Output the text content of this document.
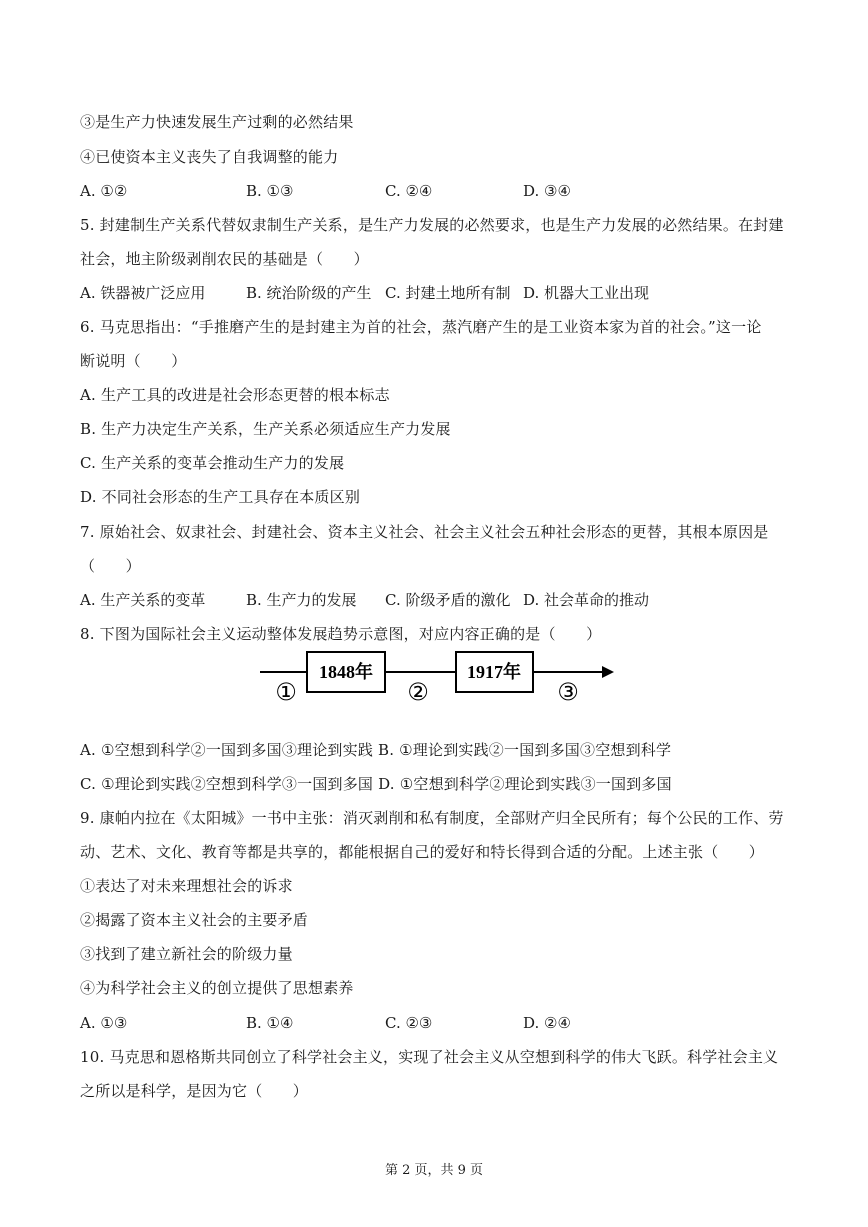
③是生产力快速发展生产过剩的必然结果
④已使资本主义丧失了自我调整的能力
A. ①②	B. ①③	C. ②④	D. ③④
5. 封建制生产关系代替奴隶制生产关系，是生产力发展的必然要求，也是生产力发展的必然结果。在封建
社会，地主阶级剥削农民的基础是（　　）
A. 铁器被广泛应用	B. 统治阶级的产生 C. 封建土地所有制 D. 机器大工业出现
6. 马克思指出：“手推磨产生的是封建主为首的社会，蒸汽磨产生的是工业资本家为首的社会。”这一论
断说明（　　）
A. 生产工具的改进是社会形态更替的根本标志
B. 生产力决定生产关系，生产关系必须适应生产力发展
C. 生产关系的变革会推动生产力的发展
D. 不同社会形态的生产工具存在本质区别
7. 原始社会、奴隶社会、封建社会、资本主义社会、社会主义社会五种社会形态的更替，其根本原因是
（　　）
A. 生产关系的变革	B. 生产力的发展 C. 阶级矛盾的激化 D. 社会革命的推动
8. 下图为国际社会主义运动整体发展趋势示意图，对应内容正确的是（　　）
1848年	1917年
①	②	③
A. ①空想到科学②一国到多国③理论到实践 B. ①理论到实践②一国到多国③空想到科学
C. ①理论到实践②空想到科学③一国到多国 D. ①空想到科学②理论到实践③一国到多国
9. 康帕内拉在《太阳城》一书中主张：消灭剥削和私有制度，全部财产归全民所有；每个公民的工作、劳
动、艺术、文化、教育等都是共享的，都能根据自己的爱好和特长得到合适的分配。上述主张（　　）
①表达了对未来理想社会的诉求
②揭露了资本主义社会的主要矛盾
③找到了建立新社会的阶级力量
④为科学社会主义的创立提供了思想素养
A. ①③	B. ①④	C. ②③	D. ②④
10. 马克思和恩格斯共同创立了科学社会主义，实现了社会主义从空想到科学的伟大飞跃。科学社会主义
之所以是科学，是因为它（　　）
第 2 页，共 9 页
